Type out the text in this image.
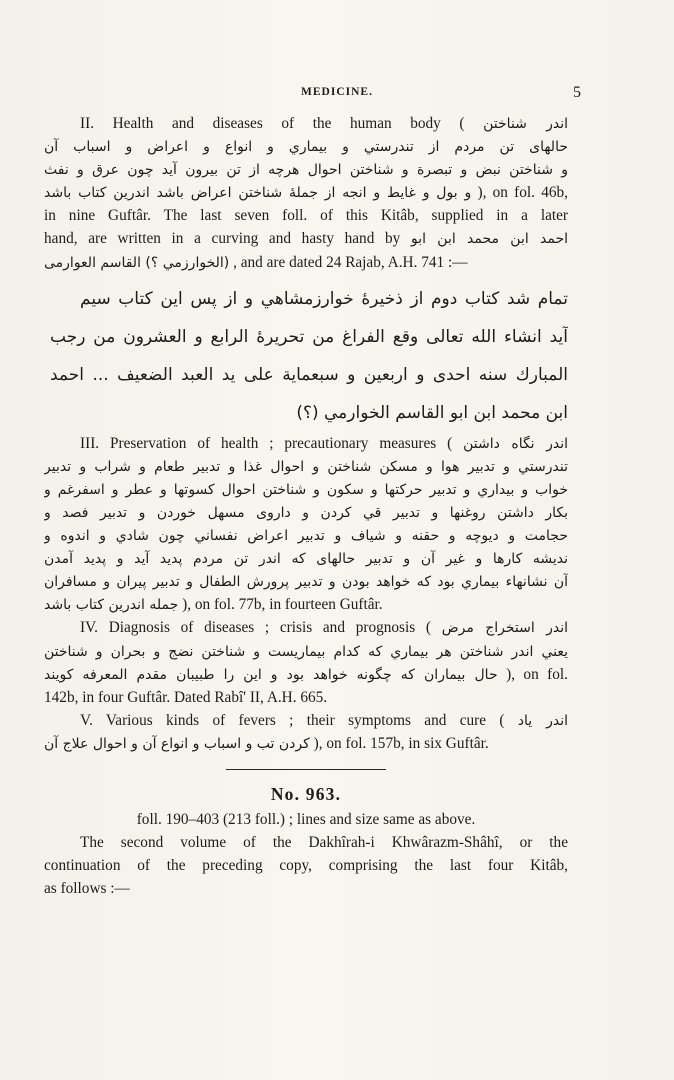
MEDICINE.	5
II. Health and diseases of the human body ( اندر شناختن
حالهای تن مردم از تندرستي و بيماري و انواع و اعراض و اسباب آن
و شناختن نبض و تبصرة و شناختن احوال هرچه از تن بيرون آيد چون عرق و نفث
و بول و غايط و انجه از جملهٔ شناختن اعراض باشد اندرين كتاب باشد ), on fol. 46b,
in nine Guftâr. The last seven foll. of this Kitâb, supplied in a later
hand, are written in a curving and hasty hand by احمد ابن محمد ابن ابو
(الخوارزمي ؟) القاسم العوارمی , and are dated 24 Rajab, A.H. 741 :—
تمام شد كتاب دوم از ذخيرهٔ خوارزمشاهي و از پس اين كتاب سيم
آيد انشاء الله تعالى وقع الفراغ من تحريرهٔ الرابع و العشرون من رجب
المبارك سنه احدى و اربعين و سبعماية على يد العبد الضعيف ... احمد
ابن محمد ابن ابو القاسم الخوارمي (؟)
III. Preservation of health ; precautionary measures ( اندر نگاه داشتن
تندرستي و تدبير هوا و مسكن شناختن و احوال غذا و تدبير طعام و شراب و تدبير
خواب و بيداري و تدبير حركتها و سكون و شناختن احوال كسوتها و عطر و اسفرغم و
بكار داشتن روغنها و تدبير قي كردن و داروى مسهل خوردن و تدبير فصد و
حجامت و ديوچه و حقنه و شياف و تدبير اعراض نفساني چون شادي و اندوه و
نديشه كارها و غير آن و تدبير حالهاى كه اندر تن مردم پديد آيد و پديد آمدن
آن نشانهاء بيماري بود كه خواهد بودن و تدبير پرورش الطفال و تدبير پيران و مسافران
جمله اندرين كتاب باشد ), on fol. 77b, in fourteen Guftâr.
IV. Diagnosis of diseases ; crisis and prognosis ( اندر استخراج مرض
يعني اندر شناختن هر بيماري كه كدام بيماريست و شناختن نضج و بحران و شناختن
حال بيماران كه چگونه خواهد بود و اين را طبيبان مقدم المعرفه كويند ), on fol.
142b, in four Guftâr. Dated Rabî' II, A.H. 665.
V. Various kinds of fevers ; their symptoms and cure ( اندر ياد
كردن تب و اسباب و انواع آن و احوال علاج آن ), on fol. 157b, in six Guftâr.
No. 963.
foll. 190–403 (213 foll.) ; lines and size same as above.
The second volume of the Dakhîrah-i Khwârazm-Shâhî, or the
continuation of the preceding copy, comprising the last four Kitâb,
as follows :—
